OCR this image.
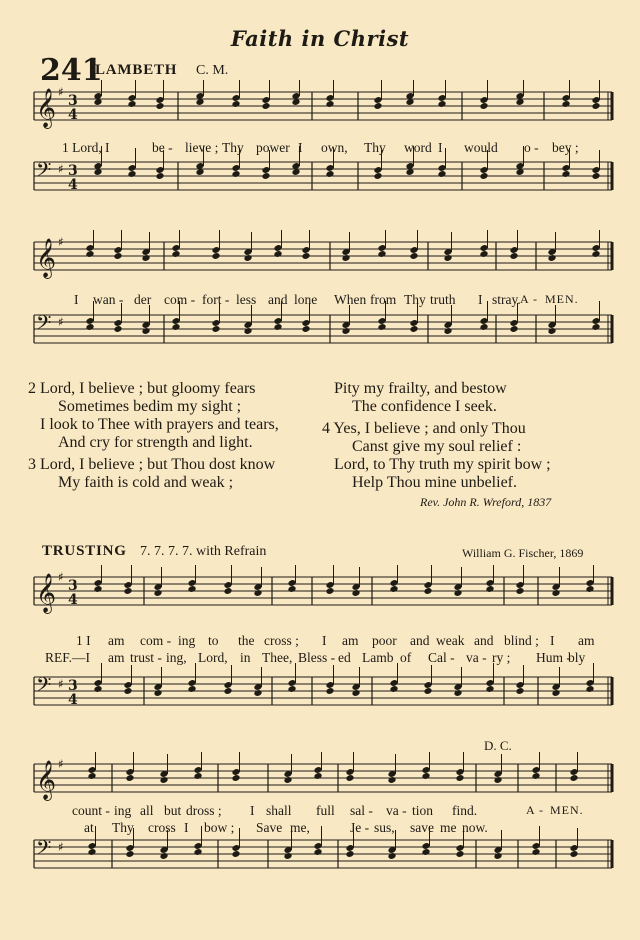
Faith in Christ
241
LAMBETH C. M.
𝄞 ♯
3
4
𝄢 ♯ 3
4
1 Lord, I	be - lieve ; Thy power I own, Thy word I would o - bey ;
𝄞 ♯
𝄢 ♯
I wan - der com - fort - less and lone When from Thy truth I stray. A - MEN.
2 Lord, I believe ; but gloomy fears
Sometimes bedim my sight ;
I look to Thee with prayers and tears,
And cry for strength and light.
3 Lord, I believe ; but Thou dost know
My faith is cold and weak ;
Pity my frailty, and bestow
The confidence I seek.
4 Yes, I believe ; and only Thou
Canst give my soul relief :
Lord, to Thy truth my spirit bow ;
Help Thou mine unbelief.
Rev. John R. Wreford, 1837
TRUSTING 7. 7. 7. 7. with Refrain	William G. Fischer, 1869
𝄞 ♯
3
4
𝄢 ♯ 3
4
1 I am com - ing to the cross ; I am poor and weak and blind ; I am
REF.—I am trust - ing, Lord, in Thee, Bless - ed Lamb of Cal - va - ry ; Hum -
bly
D. C.
𝄞 ♯
𝄢 ♯
count - ing all but dross ; I shall full sal - va - tion find.	A - MEN.
at Thy cross I bow ; Save me,	Je - sus, save me now.
